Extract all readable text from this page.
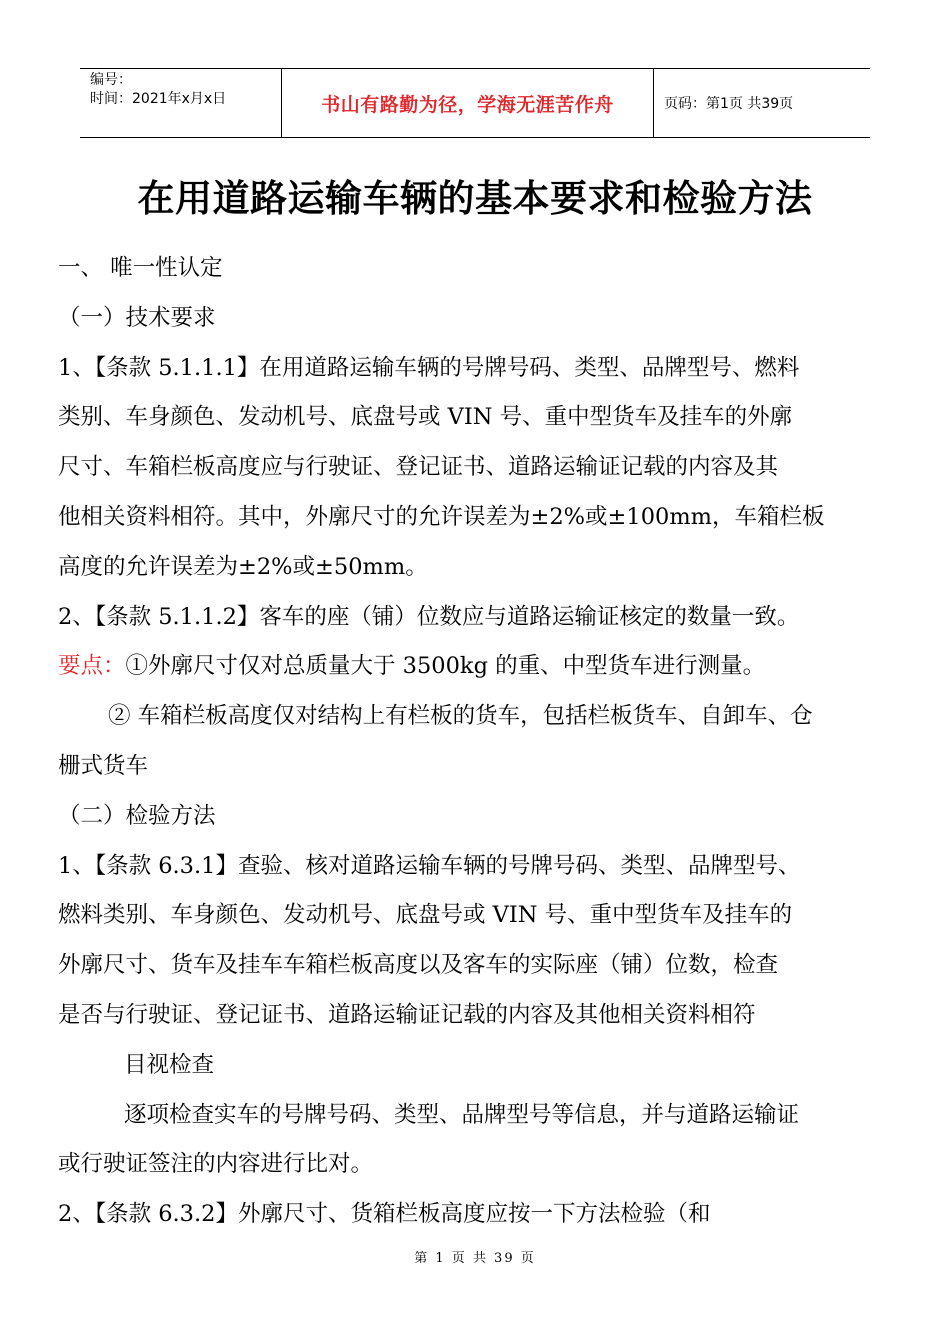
编号：
时间：2021年x月x日	书山有路勤为径，学海无涯苦作舟	页码：第1页 共39页
在用道路运输车辆的基本要求和检验方法
一、 唯一性认定
（一）技术要求
1、【条款 5.1.1.1】在用道路运输车辆的号牌号码、类型、品牌型号、燃料
类别、车身颜色、发动机号、底盘号或 VIN 号、重中型货车及挂车的外廓
尺寸、车箱栏板高度应与行驶证、登记证书、道路运输证记载的内容及其
他相关资料相符。其中，外廓尺寸的允许误差为±2%或±100mm，车箱栏板
高度的允许误差为±2%或±50mm。
2、【条款 5.1.1.2】客车的座（铺）位数应与道路运输证核定的数量一致。
要点：①外廓尺寸仅对总质量大于 3500kg 的重、中型货车进行测量。
② 车箱栏板高度仅对结构上有栏板的货车，包括栏板货车、自卸车、仓
栅式货车
（二）检验方法
1、【条款 6.3.1】查验、核对道路运输车辆的号牌号码、类型、品牌型号、
燃料类别、车身颜色、发动机号、底盘号或 VIN 号、重中型货车及挂车的
外廓尺寸、货车及挂车车箱栏板高度以及客车的实际座（铺）位数，检查
是否与行驶证、登记证书、道路运输证记载的内容及其他相关资料相符
目视检查
逐项检查实车的号牌号码、类型、品牌型号等信息，并与道路运输证
或行驶证签注的内容进行比对。
2、【条款 6.3.2】外廓尺寸、货箱栏板高度应按一下方法检验（和
第 1 页 共 39 页
